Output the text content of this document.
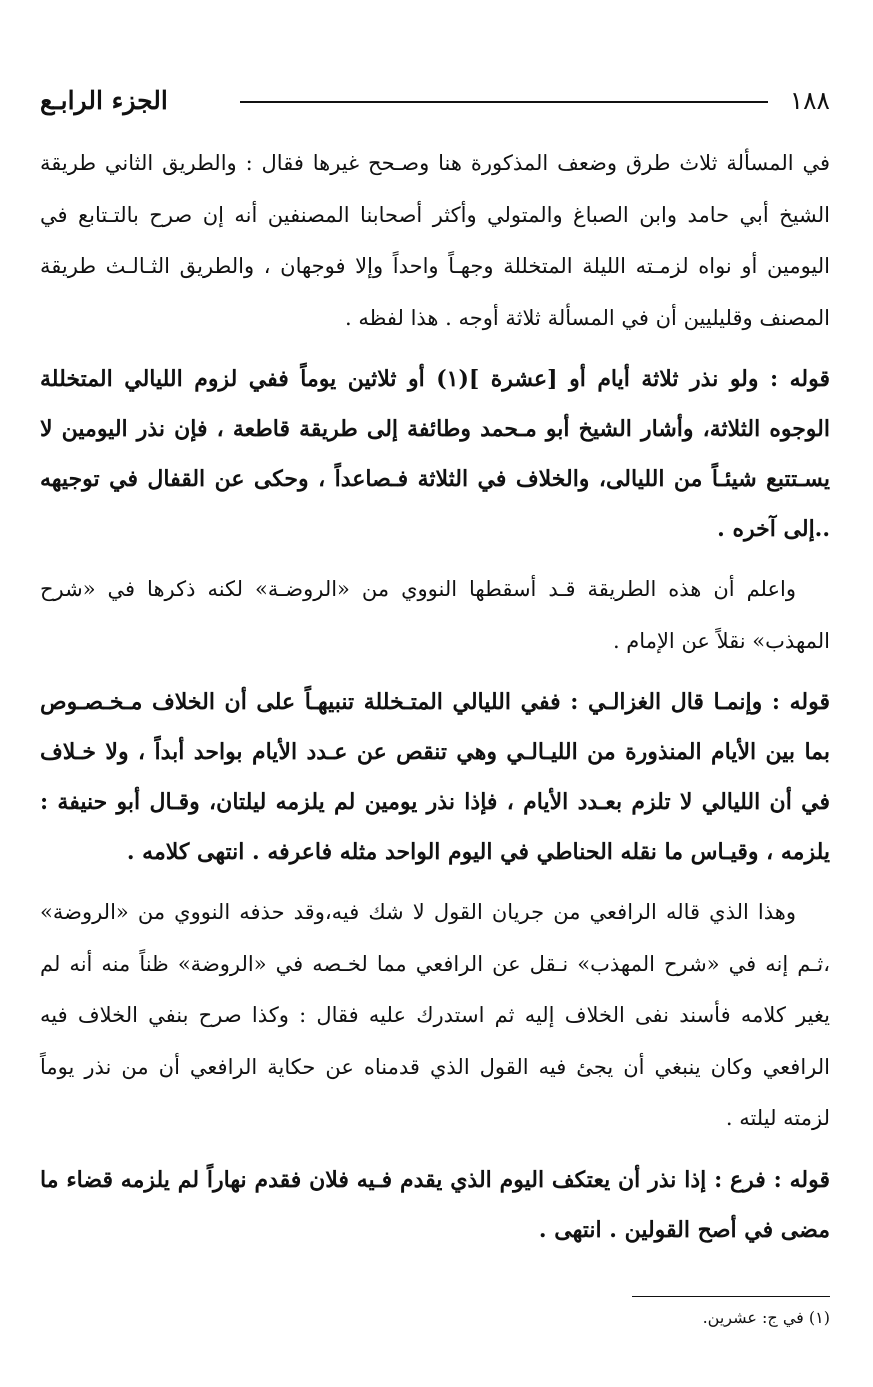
١٨٨
الجزء الرابـع

في المسألة ثلاث طرق وضعف المذكورة هنا وصـحح غيرها فقال : والطريق الثاني طريقة الشيخ أبي حامد وابن الصباغ والمتولي وأكثر أصحابنا المصنفين أنه إن صرح بالتـتابع في اليومين أو نواه لزمـته الليلة المتخللة وجهـاً واحداً وإلا فوجهان ، والطريق الثـالـث طريقة المصنف وقليليين أن في المسألة ثلاثة أوجه . هذا لفظه .

قوله : ولو نذر ثلاثة أيام أو [عشرة ](١) أو ثلاثين يوماً ففي لزوم الليالي المتخللة الوجوه الثلاثة، وأشار الشيخ أبو مـحمد وطائفة إلى طريقة قاطعة ، فإن نذر اليومين لا يسـتتبع شيئـاً من الليالى، والخلاف في الثلاثة فـصاعداً ، وحكى عن القفال في توجيهه ..إلى آخره .

واعلم أن هذه الطريقة قـد أسقطها النووي من «الروضـة» لكنه ذكرها في «شرح المهذب» نقلاً عن الإمام .

قوله : وإنمـا قال الغزالـي : ففي الليالي المتـخللة تنبيهـاً على أن الخلاف مـخـصـوص بما بين الأيام المنذورة من الليـالـي وهي تنقص عن عـدد الأيام بواحد أبداً ، ولا خـلاف في أن الليالي لا تلزم بعـدد الأيام ، فإذا نذر يومين لم يلزمه ليلتان، وقـال أبو حنيفة : يلزمه ، وقيـاس ما نقله الحناطي في اليوم الواحد مثله فاعرفه . انتهى كلامه .

وهذا الذي قاله الرافعي من جريان القول لا شك فيه،وقد حذفه النووي من «الروضة» ،ثـم إنه في «شرح المهذب» نـقل عن الرافعي مما لخـصه في «الروضة» ظناً منه أنه لم يغير كلامه فأسند نفى الخلاف إليه ثم استدرك عليه فقال : وكذا صرح بنفي الخلاف فيه الرافعي وكان ينبغي أن يجئ فيه القول الذي قدمناه عن حكاية الرافعي أن من نذر يوماً لزمته ليلته .

قوله : فرع : إذا نذر أن يعتكف اليوم الذي يقدم فـيه فلان فقدم نهاراً لم يلزمه قضاء ما مضى في أصح القولين . انتهى .

(١) في ج: عشرين.
